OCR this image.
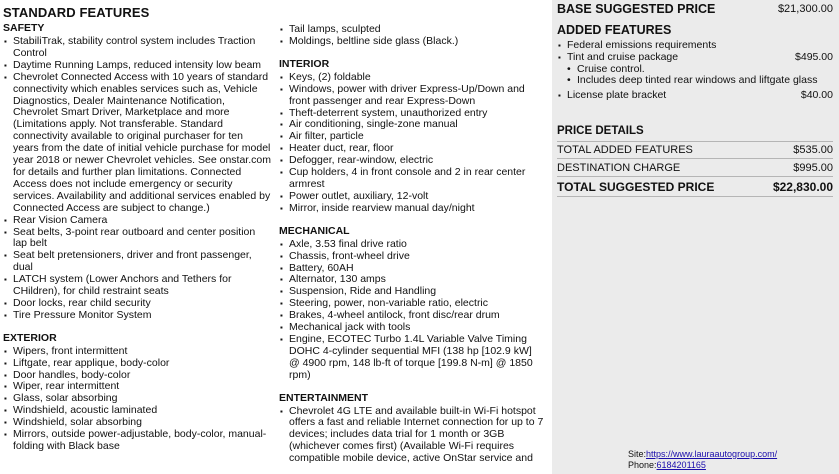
STANDARD FEATURES
SAFETY
▪ StabiliTrak, stability control system includes Traction Control
▪ Daytime Running Lamps, reduced intensity low beam
▪ Chevrolet Connected Access with 10 years of standard connectivity which enables services such as, Vehicle Diagnostics, Dealer Maintenance Notification, Chevrolet Smart Driver, Marketplace and more (Limitations apply. Not transferable. Standard connectivity available to original purchaser for ten years from the date of initial vehicle purchase for model year 2018 or newer Chevrolet vehicles. See onstar.com for details and further plan limitations. Connected Access does not include emergency or security services. Availability and additional services enabled by Connected Access are subject to change.)
▪ Rear Vision Camera
▪ Seat belts, 3-point rear outboard and center position lap belt
▪ Seat belt pretensioners, driver and front passenger, dual
▪ LATCH system (Lower Anchors and Tethers for CHildren), for child restraint seats
▪ Door locks, rear child security
▪ Tire Pressure Monitor System
EXTERIOR
▪ Wipers, front intermittent
▪ Liftgate, rear applique, body-color
▪ Door handles, body-color
▪ Wiper, rear intermittent
▪ Glass, solar absorbing
▪ Windshield, acoustic laminated
▪ Windshield, solar absorbing
▪ Mirrors, outside power-adjustable, body-color, manual-folding with Black base
▪ Tail lamps, sculpted
▪ Moldings, beltline side glass (Black.)
INTERIOR
▪ Keys, (2) foldable
▪ Windows, power with driver Express-Up/Down and front passenger and rear Express-Down
▪ Theft-deterrent system, unauthorized entry
▪ Air conditioning, single-zone manual
▪ Air filter, particle
▪ Heater duct, rear, floor
▪ Defogger, rear-window, electric
▪ Cup holders, 4 in front console and 2 in rear center armrest
▪ Power outlet, auxiliary, 12-volt
▪ Mirror, inside rearview manual day/night
MECHANICAL
▪ Axle, 3.53 final drive ratio
▪ Chassis, front-wheel drive
▪ Battery, 60AH
▪ Alternator, 130 amps
▪ Suspension, Ride and Handling
▪ Steering, power, non-variable ratio, electric
▪ Brakes, 4-wheel antilock, front disc/rear drum
▪ Mechanical jack with tools
▪ Engine, ECOTEC Turbo 1.4L Variable Valve Timing DOHC 4-cylinder sequential MFI (138 hp [102.9 kW] @ 4900 rpm, 148 lb-ft of torque [199.8 N-m] @ 1850 rpm)
ENTERTAINMENT
▪ Chevrolet 4G LTE and available built-in Wi-Fi hotspot offers a fast and reliable Internet connection for up to 7 devices; includes data trial for 1 month or 3GB (whichever comes first) (Available Wi-Fi requires compatible mobile device, active OnStar service and
BASE SUGGESTED PRICE	$21,300.00
ADDED FEATURES
▪ Federal emissions requirements
▪ Tint and cruise package	$495.00
• Cruise control.
• Includes deep tinted rear windows and liftgate glass
▪ License plate bracket	$40.00
PRICE DETAILS
TOTAL ADDED FEATURES	$535.00
DESTINATION CHARGE	$995.00
TOTAL SUGGESTED PRICE	$22,830.00
Site:https://www.lauraautogroup.com/
Phone:6184201165
